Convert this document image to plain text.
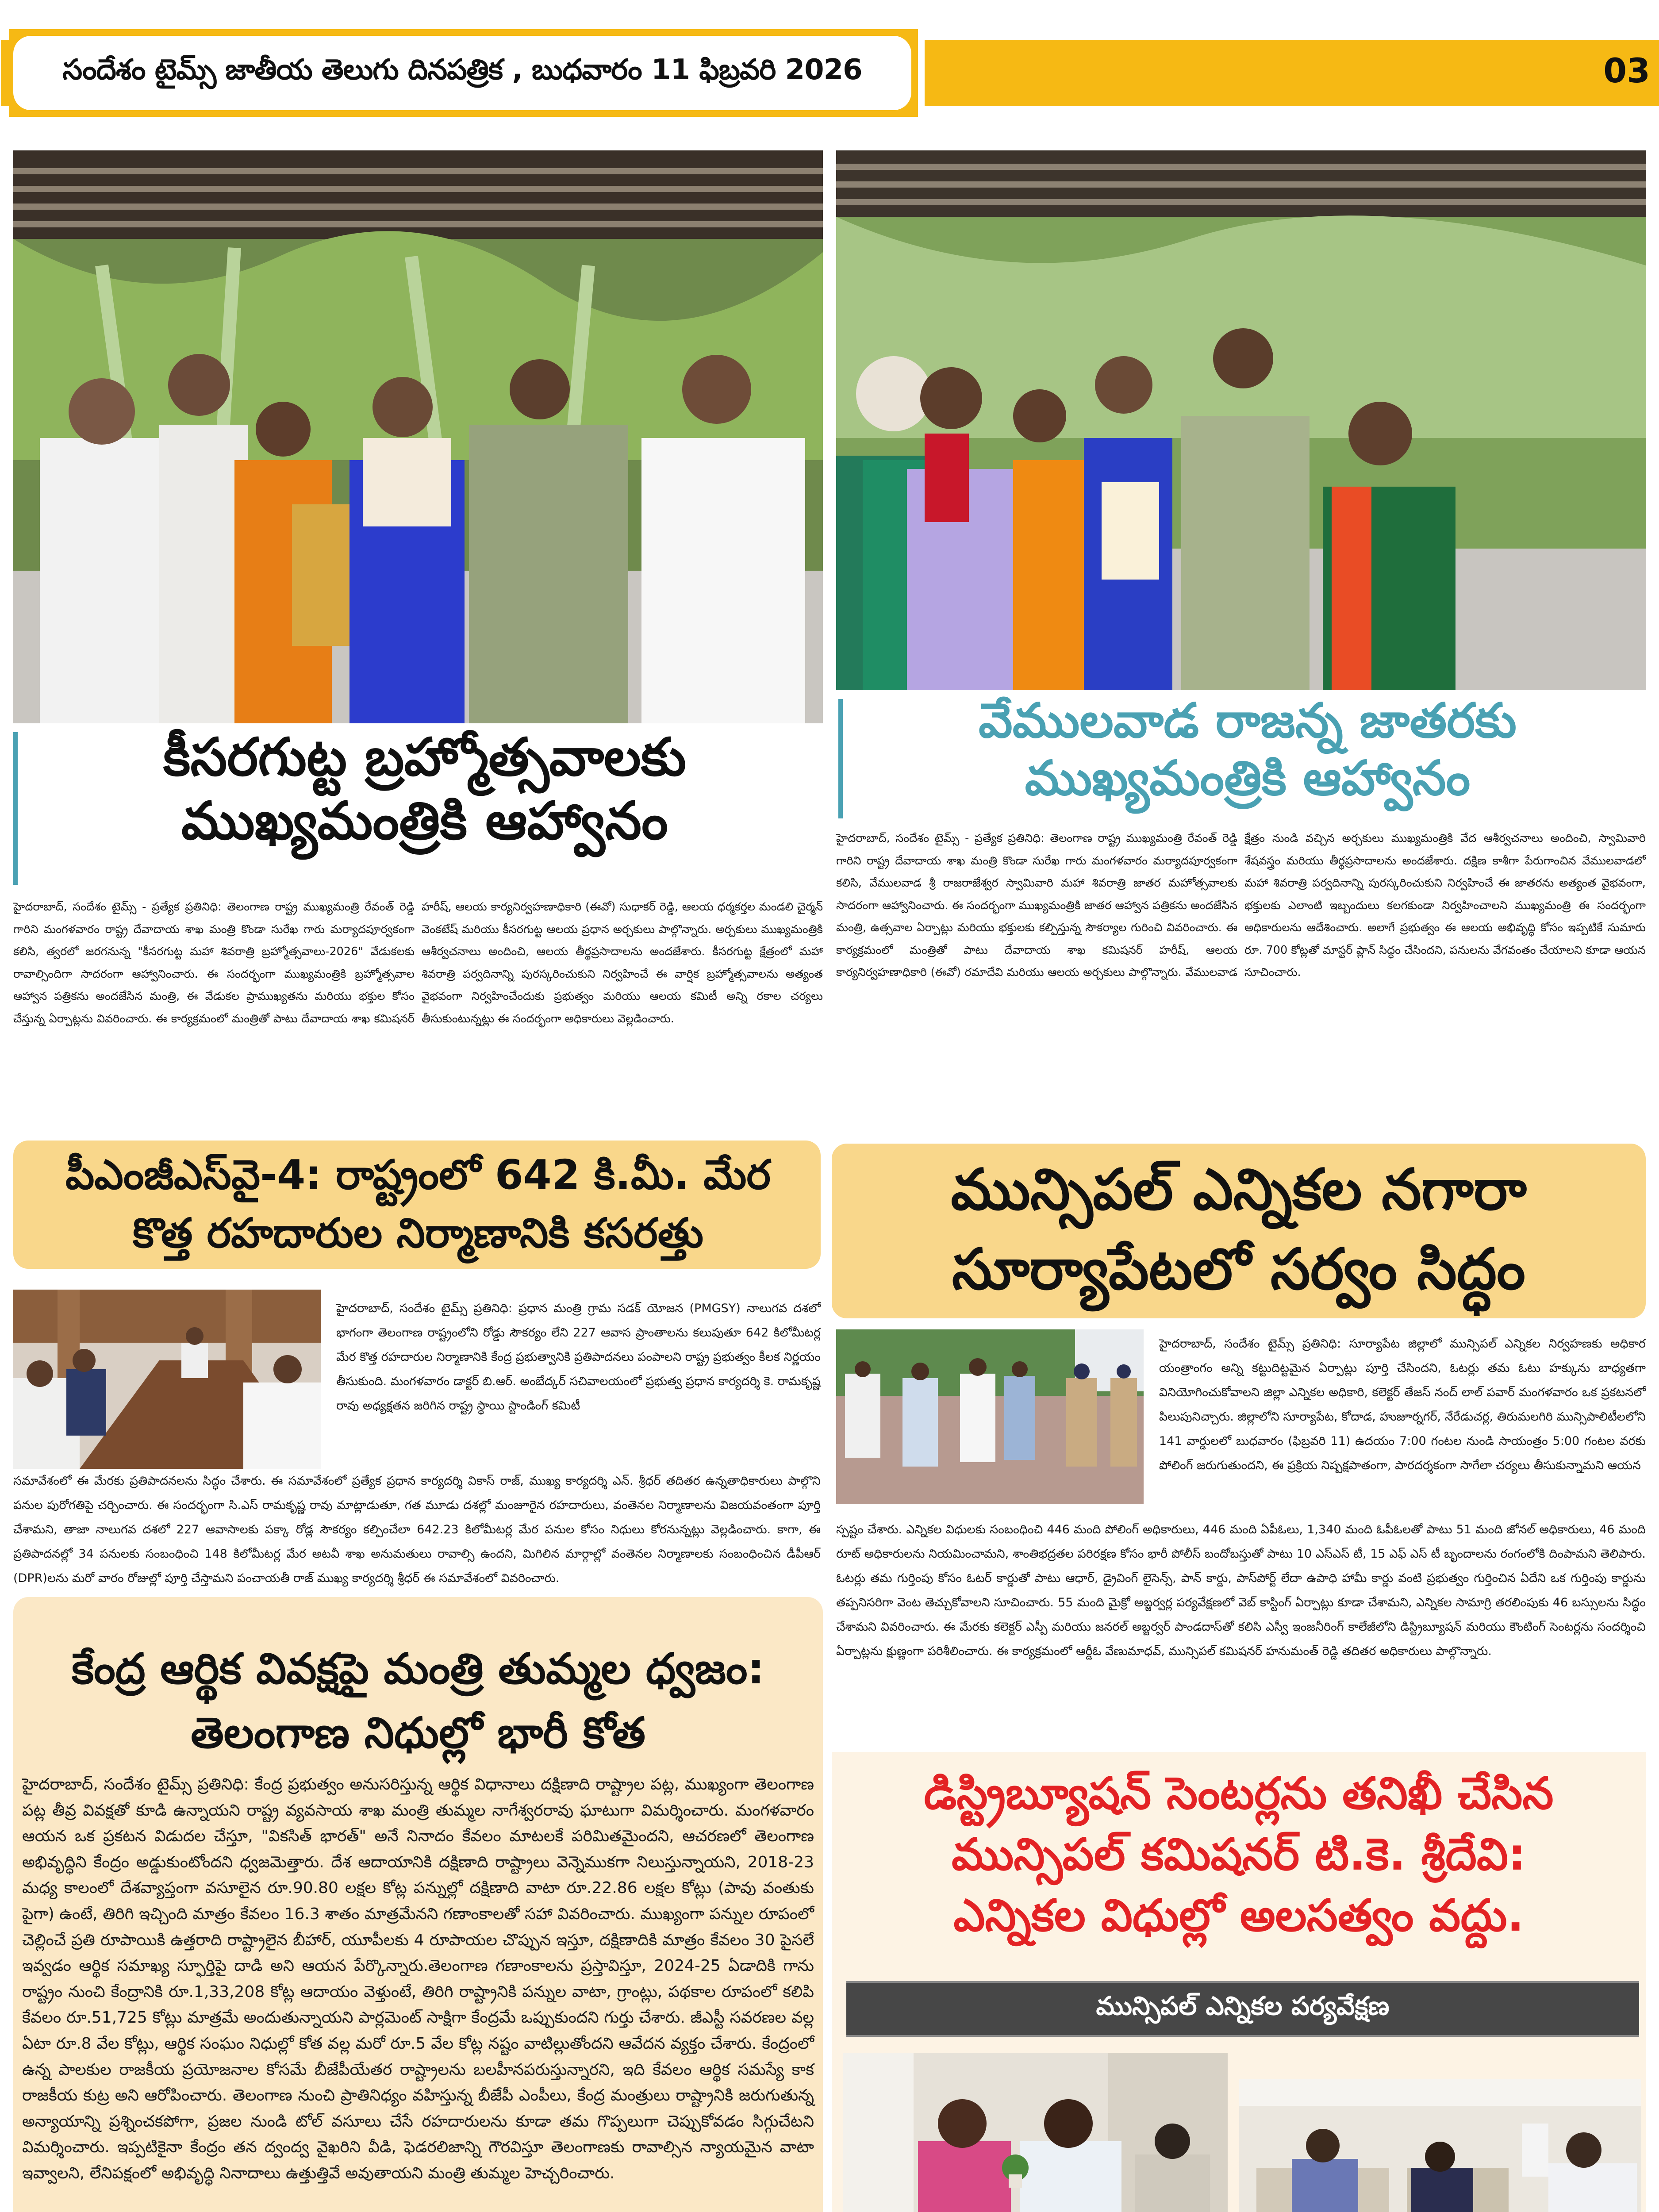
సందేశం టైమ్స్ జాతీయ తెలుగు దినపత్రిక , బుధవారం 11 ఫిబ్రవరి 2026	03
కీసరగుట్ట బ్రహ్మోత్సవాలకు
ముఖ్యమంత్రికి ఆహ్వానం
హైదరాబాద్, సందేశం టైమ్స్ - ప్రత్యేక ప్రతినిధి: తెలంగాణ రాష్ట్ర ముఖ్యమంత్రి రేవంత్ రెడ్డి గారిని మంగళవారం రాష్ట్ర దేవాదాయ శాఖ మంత్రి కొండా సురేఖ గారు మర్యాదపూర్వకంగా కలిసి, త్వరలో జరగనున్న "కీసరగుట్ట మహా శివరాత్రి బ్రహ్మోత్సవాలు-2026" వేడుకలకు రావాల్సిందిగా సాదరంగా ఆహ్వానించారు. ఈ సందర్భంగా ముఖ్యమంత్రికి బ్రహ్మోత్సవాల ఆహ్వాన పత్రికను అందజేసిన మంత్రి, ఈ వేడుకల ప్రాముఖ్యతను మరియు భక్తుల కోసం చేస్తున్న ఏర్పాట్లను వివరించారు. ఈ కార్యక్రమంలో మంత్రితో పాటు దేవాదాయ శాఖ కమిషనర్ హరీష్, ఆలయ కార్యనిర్వహణాధికారి (ఈవో) సుధాకర్ రెడ్డి, ఆలయ ధర్మకర్తల మండలి చైర్మన్ వెంకటేష్ మరియు కీసరగుట్ట ఆలయ ప్రధాన అర్చకులు పాల్గొన్నారు. అర్చకులు ముఖ్యమంత్రికి ఆశీర్వచనాలు అందించి, ఆలయ తీర్థప్రసాదాలను అందజేశారు. కీసరగుట్ట క్షేత్రంలో మహా శివరాత్రి పర్వదినాన్ని పురస్కరించుకుని నిర్వహించే ఈ వార్షిక బ్రహ్మోత్సవాలను అత్యంత వైభవంగా నిర్వహించేందుకు ప్రభుత్వం మరియు ఆలయ కమిటీ అన్ని రకాల చర్యలు తీసుకుంటున్నట్లు ఈ సందర్భంగా అధికారులు వెల్లడించారు.
వేములవాడ రాజన్న జాతరకు
ముఖ్యమంత్రికి ఆహ్వానం
హైదరాబాద్, సందేశం టైమ్స్ - ప్రత్యేక ప్రతినిధి: తెలంగాణ రాష్ట్ర ముఖ్యమంత్రి రేవంత్ రెడ్డి గారిని రాష్ట్ర దేవాదాయ శాఖ మంత్రి కొండా సురేఖ గారు మంగళవారం మర్యాదపూర్వకంగా కలిసి, వేములవాడ శ్రీ రాజరాజేశ్వర స్వామివారి మహా శివరాత్రి జాతర మహోత్సవాలకు సాదరంగా ఆహ్వానించారు. ఈ సందర్భంగా ముఖ్యమంత్రికి జాతర ఆహ్వాన పత్రికను అందజేసిన మంత్రి, ఉత్సవాల ఏర్పాట్లు మరియు భక్తులకు కల్పిస్తున్న సౌకర్యాల గురించి వివరించారు. ఈ కార్యక్రమంలో మంత్రితో పాటు దేవాదాయ శాఖ కమిషనర్ హరీష్, ఆలయ కార్యనిర్వహణాధికారి (ఈవో) రమాదేవి మరియు ఆలయ అర్చకులు పాల్గొన్నారు. వేములవాడ క్షేత్రం నుండి వచ్చిన అర్చకులు ముఖ్యమంత్రికి వేద ఆశీర్వచనాలు అందించి, స్వామివారి శేషవస్త్రం మరియు తీర్థప్రసాదాలను అందజేశారు. దక్షిణ కాశీగా పేరుగాంచిన వేములవాడలో మహా శివరాత్రి పర్వదినాన్ని పురస్కరించుకుని నిర్వహించే ఈ జాతరను అత్యంత వైభవంగా, భక్తులకు ఎలాంటి ఇబ్బందులు కలగకుండా నిర్వహించాలని ముఖ్యమంత్రి ఈ సందర్భంగా అధికారులను ఆదేశించారు. అలాగే ప్రభుత్వం ఈ ఆలయ అభివృద్ధి కోసం ఇప్పటికే సుమారు రూ. 700 కోట్లతో మాస్టర్ ప్లాన్ సిద్ధం చేసిందని, పనులను వేగవంతం చేయాలని కూడా ఆయన సూచించారు.
పీఎంజీఎస్‌వై-4: రాష్ట్రంలో 642 కి.మీ. మేర
కొత్త రహదారుల నిర్మాణానికి కసరత్తు
హైదరాబాద్, సందేశం టైమ్స్ ప్రతినిధి: ప్రధాన మంత్రి గ్రామ సడక్ యోజన (PMGSY) నాలుగవ దశలో భాగంగా తెలంగాణ రాష్ట్రంలోని రోడ్డు సౌకర్యం లేని 227 ఆవాస ప్రాంతాలను కలుపుతూ 642 కిలోమీటర్ల మేర కొత్త రహదారుల నిర్మాణానికి కేంద్ర ప్రభుత్వానికి ప్రతిపాదనలు పంపాలని రాష్ట్ర ప్రభుత్వం కీలక నిర్ణయం తీసుకుంది. మంగళవారం డాక్టర్ బి.ఆర్. అంబేద్కర్ సచివాలయంలో ప్రభుత్వ ప్రధాన కార్యదర్శి కె. రామకృష్ణ రావు అధ్యక్షతన జరిగిన రాష్ట్ర స్థాయి స్టాండింగ్ కమిటీ
సమావేశంలో ఈ మేరకు ప్రతిపాదనలను సిద్ధం చేశారు. ఈ సమావేశంలో ప్రత్యేక ప్రధాన కార్యదర్శి వికాస్ రాజ్, ముఖ్య కార్యదర్శి ఎన్. శ్రీధర్ తదితర ఉన్నతాధికారులు పాల్గొని పనుల పురోగతిపై చర్చించారు. ఈ సందర్భంగా సి.ఎస్ రామకృష్ణ రావు మాట్లాడుతూ, గత మూడు దశల్లో మంజూరైన రహదారులు, వంతెనల నిర్మాణాలను విజయవంతంగా పూర్తి చేశామని, తాజా నాలుగవ దశలో 227 ఆవాసాలకు పక్కా రోడ్ల సౌకర్యం కల్పించేలా 642.23 కిలోమీటర్ల మేర పనుల కోసం నిధులు కోరనున్నట్లు వెల్లడించారు. కాగా, ఈ ప్రతిపాదనల్లో 34 పనులకు సంబంధించి 148 కిలోమీటర్ల మేర అటవీ శాఖ అనుమతులు రావాల్సి ఉందని, మిగిలిన మార్గాల్లో వంతెనల నిర్మాణాలకు సంబంధించిన డీపీఆర్ (DPR)లను మరో వారం రోజుల్లో పూర్తి చేస్తామని పంచాయతీ రాజ్ ముఖ్య కార్యదర్శి శ్రీధర్ ఈ సమావేశంలో వివరించారు.
మున్సిపల్ ఎన్నికల నగారా
సూర్యాపేటలో సర్వం సిద్ధం
హైదరాబాద్, సందేశం టైమ్స్ ప్రతినిధి: సూర్యాపేట జిల్లాలో మున్సిపల్ ఎన్నికల నిర్వహణకు అధికార యంత్రాంగం అన్ని కట్టుదిట్టమైన ఏర్పాట్లు పూర్తి చేసిందని, ఓటర్లు తమ ఓటు హక్కును బాధ్యతగా వినియోగించుకోవాలని జిల్లా ఎన్నికల అధికారి, కలెక్టర్ తేజస్ నంద్ లాల్ పవార్ మంగళవారం ఒక ప్రకటనలో పిలుపునిచ్చారు. జిల్లాలోని సూర్యాపేట, కోదాడ, హుజూర్నగర్, నేరేడుచర్ల, తిరుమలగిరి మున్సిపాలిటీలలోని 141 వార్డులలో బుధవారం (ఫిబ్రవరి 11) ఉదయం 7:00 గంటల నుండి సాయంత్రం 5:00 గంటల వరకు పోలింగ్ జరుగుతుందని, ఈ ప్రక్రియ నిష్పక్షపాతంగా, పారదర్శకంగా సాగేలా చర్యలు తీసుకున్నామని ఆయన
స్పష్టం చేశారు. ఎన్నికల విధులకు సంబంధించి 446 మంది పోలింగ్ అధికారులు, 446 మంది ఏపీఓలు, 1,340 మంది ఓపీఓలతో పాటు 51 మంది జోనల్ అధికారులు, 46 మంది రూట్ అధికారులను నియమించామని, శాంతిభద్రతల పరిరక్షణ కోసం భారీ పోలీస్ బందోబస్తుతో పాటు 10 ఎస్ఎస్ టీ, 15 ఎఫ్ ఎస్ టీ బృందాలను రంగంలోకి దింపామని తెలిపారు. ఓటర్లు తమ గుర్తింపు కోసం ఓటర్ కార్డుతో పాటు ఆధార్, డ్రైవింగ్ లైసెన్స్, పాన్ కార్డు, పాస్‌పోర్ట్ లేదా ఉపాధి హామీ కార్డు వంటి ప్రభుత్వం గుర్తించిన ఏదేని ఒక గుర్తింపు కార్డును తప్పనిసరిగా వెంట తెచ్చుకోవాలని సూచించారు. 55 మంది మైక్రో అబ్జర్వర్ల పర్యవేక్షణలో వెబ్ కాస్టింగ్ ఏర్పాట్లు కూడా చేశామని, ఎన్నికల సామాగ్రి తరలింపుకు 46 బస్సులను సిద్ధం చేశామని వివరించారు. ఈ మేరకు కలెక్టర్ ఎస్పీ మరియు జనరల్ అబ్జర్వర్ పాండదాస్‌తో కలిసి ఎస్వీ ఇంజనీరింగ్ కాలేజీలోని డిస్ట్రిబ్యూషన్ మరియు కౌంటింగ్ సెంటర్లను సందర్శించి ఏర్పాట్లను క్షుణ్ణంగా పరిశీలించారు. ఈ కార్యక్రమంలో ఆర్డీఓ వేణుమాధవ్, మున్సిపల్ కమిషనర్ హనుమంత్ రెడ్డి తదితర అధికారులు పాల్గొన్నారు.
కేంద్ర ఆర్థిక వివక్షపై మంత్రి తుమ్మల ధ్వజం:
తెలంగాణ నిధుల్లో భారీ కోత
హైదరాబాద్, సందేశం టైమ్స్ ప్రతినిధి: కేంద్ర ప్రభుత్వం అనుసరిస్తున్న ఆర్థిక విధానాలు దక్షిణాది రాష్ట్రాల పట్ల, ముఖ్యంగా తెలంగాణ పట్ల తీవ్ర వివక్షతో కూడి ఉన్నాయని రాష్ట్ర వ్యవసాయ శాఖ మంత్రి తుమ్మల నాగేశ్వరరావు ఘాటుగా విమర్శించారు. మంగళవారం ఆయన ఒక ప్రకటన విడుదల చేస్తూ, "వికసిత్ భారత్" అనే నినాదం కేవలం మాటలకే పరిమితమైందని, ఆచరణలో తెలంగాణ అభివృద్ధిని కేంద్రం అడ్డుకుంటోందని ధ్వజమెత్తారు. దేశ ఆదాయానికి దక్షిణాది రాష్ట్రాలు వెన్నెముకగా నిలుస్తున్నాయని, 2018-23 మధ్య కాలంలో దేశవ్యాప్తంగా వసూలైన రూ.90.80 లక్షల కోట్ల పన్నుల్లో దక్షిణాది వాటా రూ.22.86 లక్షల కోట్లు (పావు వంతుకు పైగా) ఉంటే, తిరిగి ఇచ్చింది మాత్రం కేవలం 16.3 శాతం మాత్రమేనని గణాంకాలతో సహా వివరించారు. ముఖ్యంగా పన్నుల రూపంలో చెల్లించే ప్రతి రూపాయికి ఉత్తరాది రాష్ట్రాలైన బీహార్, యూపీలకు 4 రూపాయల చొప్పున ఇస్తూ, దక్షిణాదికి మాత్రం కేవలం 30 పైసలే ఇవ్వడం ఆర్థిక సమాఖ్య స్ఫూర్తిపై దాడి అని ఆయన పేర్కొన్నారు.తెలంగాణ గణాంకాలను ప్రస్తావిస్తూ, 2024-25 ఏడాదికి గాను రాష్ట్రం నుంచి కేంద్రానికి రూ.1,33,208 కోట్ల ఆదాయం వెళ్తుంటే, తిరిగి రాష్ట్రానికి పన్నుల వాటా, గ్రాంట్లు, పథకాల రూపంలో కలిపి కేవలం రూ.51,725 కోట్లు మాత్రమే అందుతున్నాయని పార్లమెంట్ సాక్షిగా కేంద్రమే ఒప్పుకుందని గుర్తు చేశారు. జీఎస్టీ సవరణల వల్ల ఏటా రూ.8 వేల కోట్లు, ఆర్థిక సంఘం నిధుల్లో కోత వల్ల మరో రూ.5 వేల కోట్ల నష్టం వాటిల్లుతోందని ఆవేదన వ్యక్తం చేశారు. కేంద్రంలో ఉన్న పాలకుల రాజకీయ ప్రయోజనాల కోసమే బీజేపీయేతర రాష్ట్రాలను బలహీనపరుస్తున్నారని, ఇది కేవలం ఆర్థిక సమస్యే కాక రాజకీయ కుట్ర అని ఆరోపించారు. తెలంగాణ నుంచి ప్రాతినిధ్యం వహిస్తున్న బీజేపీ ఎంపీలు, కేంద్ర మంత్రులు రాష్ట్రానికి జరుగుతున్న అన్యాయాన్ని ప్రశ్నించకపోగా, ప్రజల నుండి టోల్ వసూలు చేసే రహదారులను కూడా తమ గొప్పలుగా చెప్పుకోవడం సిగ్గుచేటని విమర్శించారు. ఇప్పటికైనా కేంద్రం తన ద్వంద్వ వైఖరిని వీడి, ఫెడరలిజాన్ని గౌరవిస్తూ తెలంగాణకు రావాల్సిన న్యాయమైన వాటా ఇవ్వాలని, లేనిపక్షంలో అభివృద్ధి నినాదాలు ఉత్తుత్తివే అవుతాయని మంత్రి తుమ్మల హెచ్చరించారు.
డిస్ట్రిబ్యూషన్ సెంటర్లను తనిఖీ చేసిన
మున్సిపల్ కమిషనర్ టి.కె. శ్రీదేవి:
ఎన్నికల విధుల్లో అలసత్వం వద్దు.
మున్సిపల్ ఎన్నికల పర్యవేక్షణ
